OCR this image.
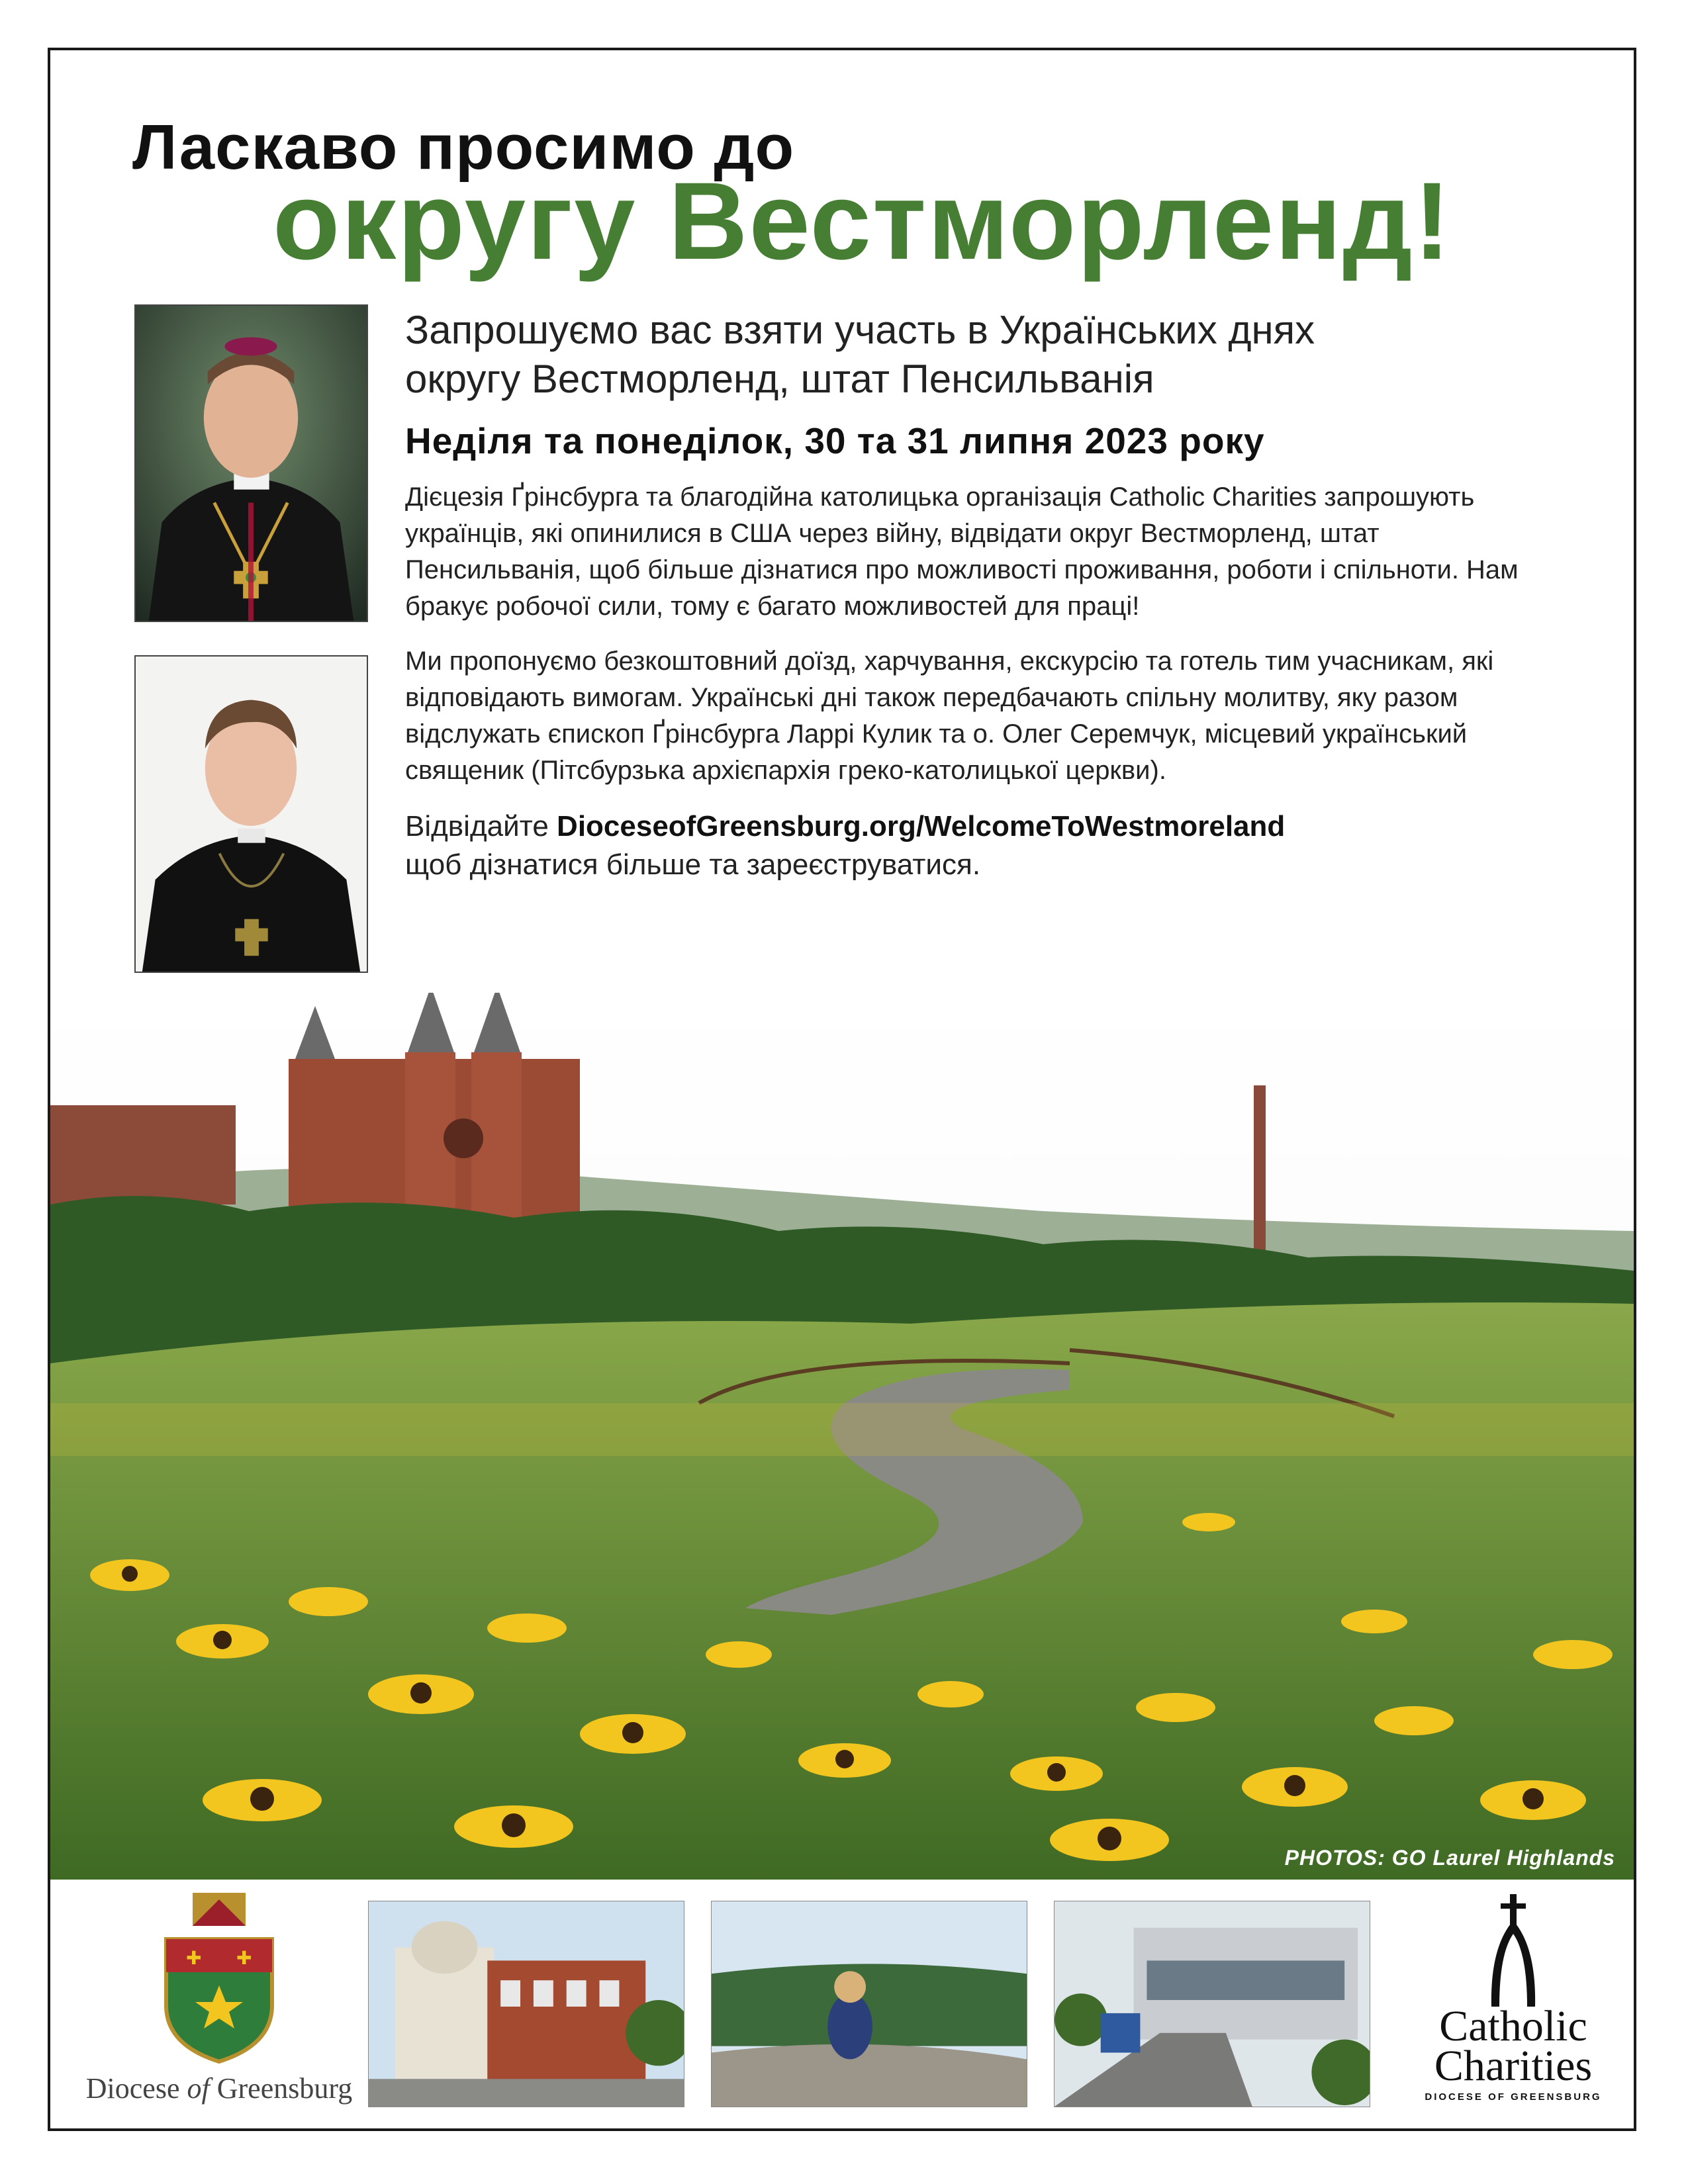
Ласкаво просимо до
округу Вестморленд!

Запрошуємо вас взяти участь в Українських днях
округу Вестморленд, штат Пенсильванія

Неділя та понеділок, 30 та 31 липня 2023 року

Дієцезія Ґрінсбурга та благодійна католицька організація Catholic Charities запрошують українців, які опинилися в США через війну, відвідати округ Вестморленд, штат Пенсильванія, щоб більше дізнатися про можливості проживання, роботи і спільноти. Нам бракує робочої сили, тому є багато можливостей для праці!

Ми пропонуємо безкоштовний доїзд, харчування, екскурсію та готель тим учасникам, які відповідають вимогам. Українські дні також передбачають спільну молитву, яку разом відслужать єпископ Ґрінсбурга Ларрі Кулик та о. Олег Серемчук, місцевий український священик (Пітсбурзька архієпархія греко-католицької церкви).

Відвідайте DioceseofGreensburg.org/WelcomeToWestmoreland
щоб дізнатися більше та зареєструватися.

PHOTOS: GO Laurel Highlands
✚ ✚
Diocese of Greensburg
Catholic
Charities
DIOCESE OF GREENSBURG
